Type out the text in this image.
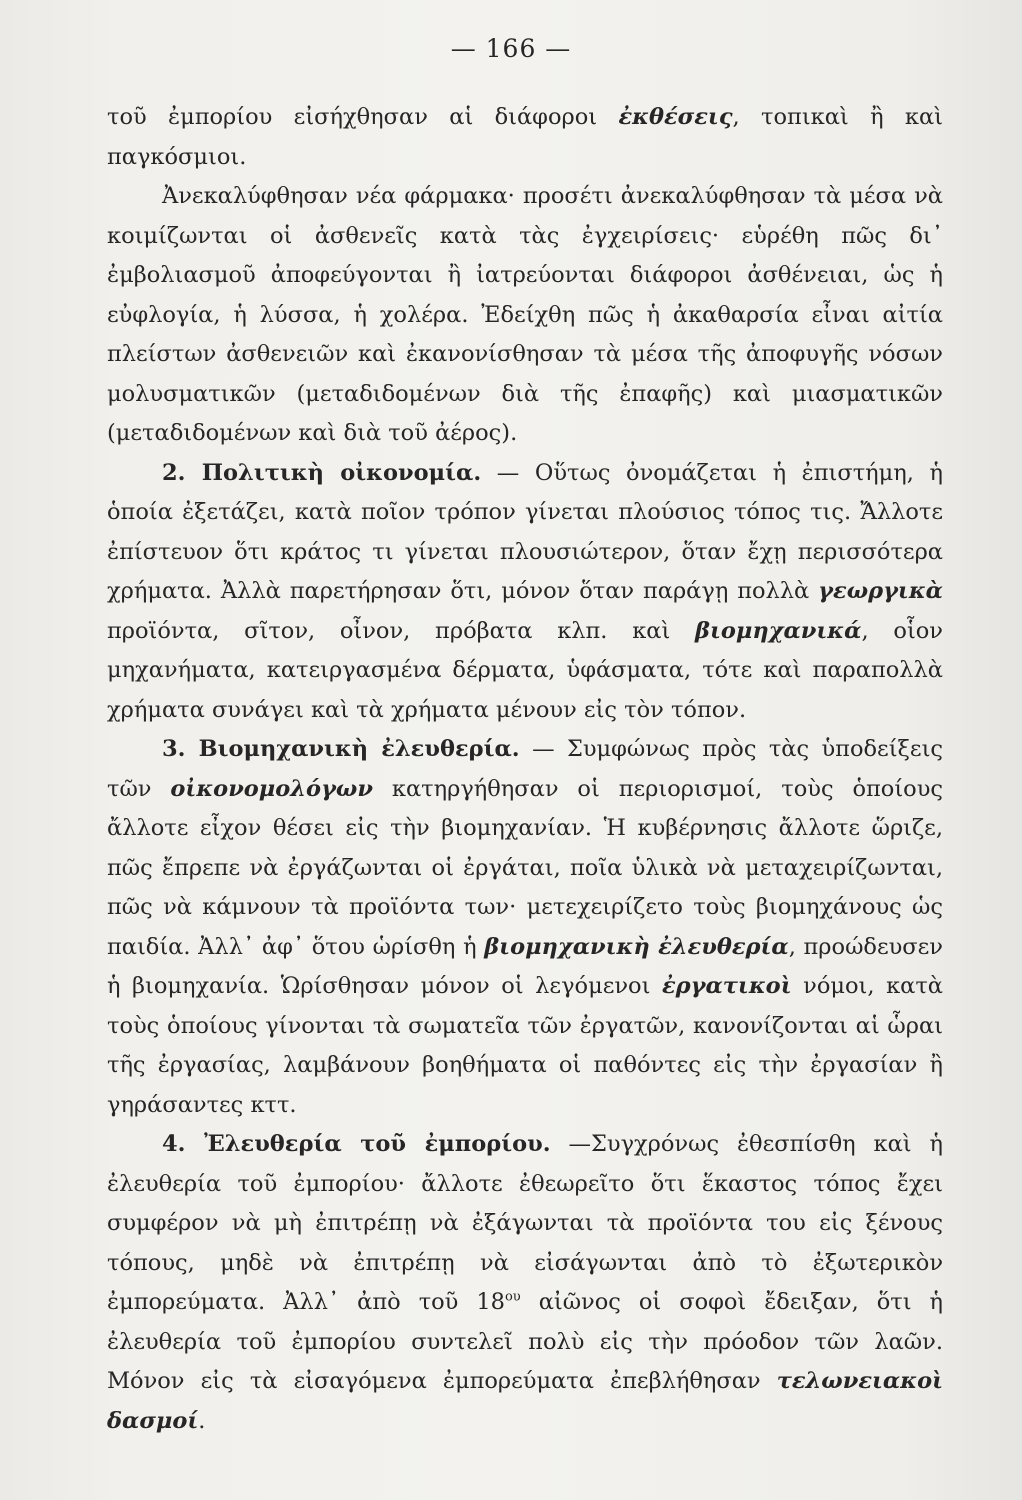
— 166 —

τοῦ ἐμπορίου εἰσήχθησαν αἱ διάφοροι ἐκθέσεις, τοπικαὶ ἢ καὶ παγκόσμιοι.

Ἀνεκαλύφθησαν νέα φάρμακα· προσέτι ἀνεκαλύφθησαν τὰ μέσα νὰ κοιμίζωνται οἱ ἀσθενεῖς κατὰ τὰς ἐγχειρίσεις· εὑρέθη πῶς δι᾽ ἐμβολιασμοῦ ἀποφεύγονται ἢ ἰατρεύονται διάφοροι ἀσθένειαι, ὡς ἡ εὐφλογία, ἡ λύσσα, ἡ χολέρα. Ἐδείχθη πῶς ἡ ἀκαθαρσία εἶναι αἰτία πλείστων ἀσθενειῶν καὶ ἐκανονίσθησαν τὰ μέσα τῆς ἀποφυγῆς νόσων μολυσματικῶν (μεταδιδομένων διὰ τῆς ἐπαφῆς) καὶ μιασματικῶν (μεταδιδομένων καὶ διὰ τοῦ ἀέρος).

2. Πολιτικὴ οἰκονομία. — Οὕτως ὀνομάζεται ἡ ἐπιστήμη, ἡ ὁποία ἐξετάζει, κατὰ ποῖον τρόπον γίνεται πλούσιος τόπος τις. Ἄλλοτε ἐπίστευον ὅτι κράτος τι γίνεται πλουσιώτερον, ὅταν ἔχῃ περισσότερα χρήματα. Ἀλλὰ παρετήρησαν ὅτι, μόνον ὅταν παράγῃ πολλὰ γεωργικὰ προϊόντα, σῖτον, οἶνον, πρόβατα κλπ. καὶ βιομηχανικά, οἷον μηχανήματα, κατειργασμένα δέρματα, ὑφάσματα, τότε καὶ παραπολλὰ χρήματα συνάγει καὶ τὰ χρήματα μένουν εἰς τὸν τόπον.

3. Βιομηχανικὴ ἐλευθερία. — Συμφώνως πρὸς τὰς ὑποδείξεις τῶν οἰκονομολόγων κατηργήθησαν οἱ περιορισμοί, τοὺς ὁποίους ἄλλοτε εἶχον θέσει εἰς τὴν βιομηχανίαν. Ἡ κυβέρνησις ἄλλοτε ὥριζε, πῶς ἔπρεπε νὰ ἐργάζωνται οἱ ἐργάται, ποῖα ὑλικὰ νὰ μεταχειρίζωνται, πῶς νὰ κάμνουν τὰ προϊόντα των· μετεχειρίζετο τοὺς βιομηχάνους ὡς παιδία. Ἀλλ᾽ ἀφ᾽ ὅτου ὡρίσθη ἡ βιομηχανικὴ ἐλευθερία, προώδευσεν ἡ βιομηχανία. Ὡρίσθησαν μόνον οἱ λεγόμενοι ἐργατικοὶ νόμοι, κατὰ τοὺς ὁποίους γίνονται τὰ σωματεῖα τῶν ἐργατῶν, κανονίζονται αἱ ὧραι τῆς ἐργασίας, λαμβάνουν βοηθήματα οἱ παθόντες εἰς τὴν ἐργασίαν ἢ γηράσαντες κττ.

4. Ἐλευθερία τοῦ ἐμπορίου. —Συγχρόνως ἐθεσπίσθη καὶ ἡ ἐλευθερία τοῦ ἐμπορίου· ἄλλοτε ἐθεωρεῖτο ὅτι ἕκαστος τόπος ἔχει συμφέρον νὰ μὴ ἐπιτρέπῃ νὰ ἐξάγωνται τὰ προϊόντα του εἰς ξένους τόπους, μηδὲ νὰ ἐπιτρέπῃ νὰ εἰσάγωνται ἀπὸ τὸ ἐξωτερικὸν ἐμπορεύματα. Ἀλλ᾽ ἀπὸ τοῦ $18^{o\upsilon}$ αἰῶνος οἱ σοφοὶ ἔδειξαν, ὅτι ἡ ἐλευθερία τοῦ ἐμπορίου συντελεῖ πολὺ εἰς τὴν πρόοδον τῶν λαῶν. Μόνον εἰς τὰ εἰσαγόμενα ἐμπορεύματα ἐπεβλήθησαν τελωνειακοὶ δασμοί.
